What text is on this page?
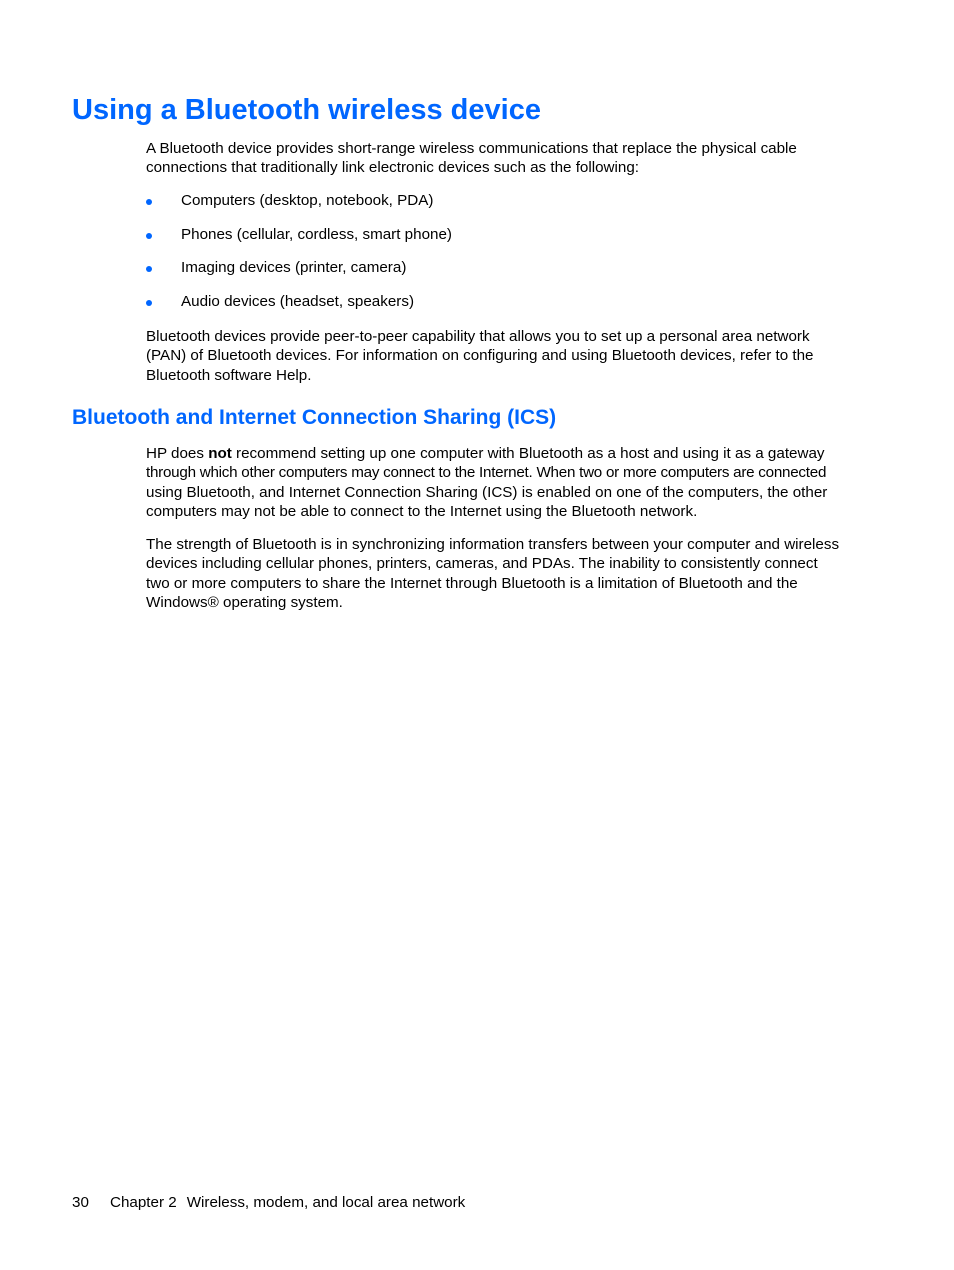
Using a Bluetooth wireless device

A Bluetooth device provides short-range wireless communications that replace the physical cable
connections that traditionally link electronic devices such as the following:

Computers (desktop, notebook, PDA)
Phones (cellular, cordless, smart phone)
Imaging devices (printer, camera)
Audio devices (headset, speakers)

Bluetooth devices provide peer-to-peer capability that allows you to set up a personal area network
(PAN) of Bluetooth devices. For information on configuring and using Bluetooth devices, refer to the
Bluetooth software Help.

Bluetooth and Internet Connection Sharing (ICS)

HP does not recommend setting up one computer with Bluetooth as a host and using it as a gateway
through which other computers may connect to the Internet. When two or more computers are connected
using Bluetooth, and Internet Connection Sharing (ICS) is enabled on one of the computers, the other
computers may not be able to connect to the Internet using the Bluetooth network.

The strength of Bluetooth is in synchronizing information transfers between your computer and wireless
devices including cellular phones, printers, cameras, and PDAs. The inability to consistently connect
two or more computers to share the Internet through Bluetooth is a limitation of Bluetooth and the
Windows® operating system.

30 Chapter 2 Wireless, modem, and local area network
